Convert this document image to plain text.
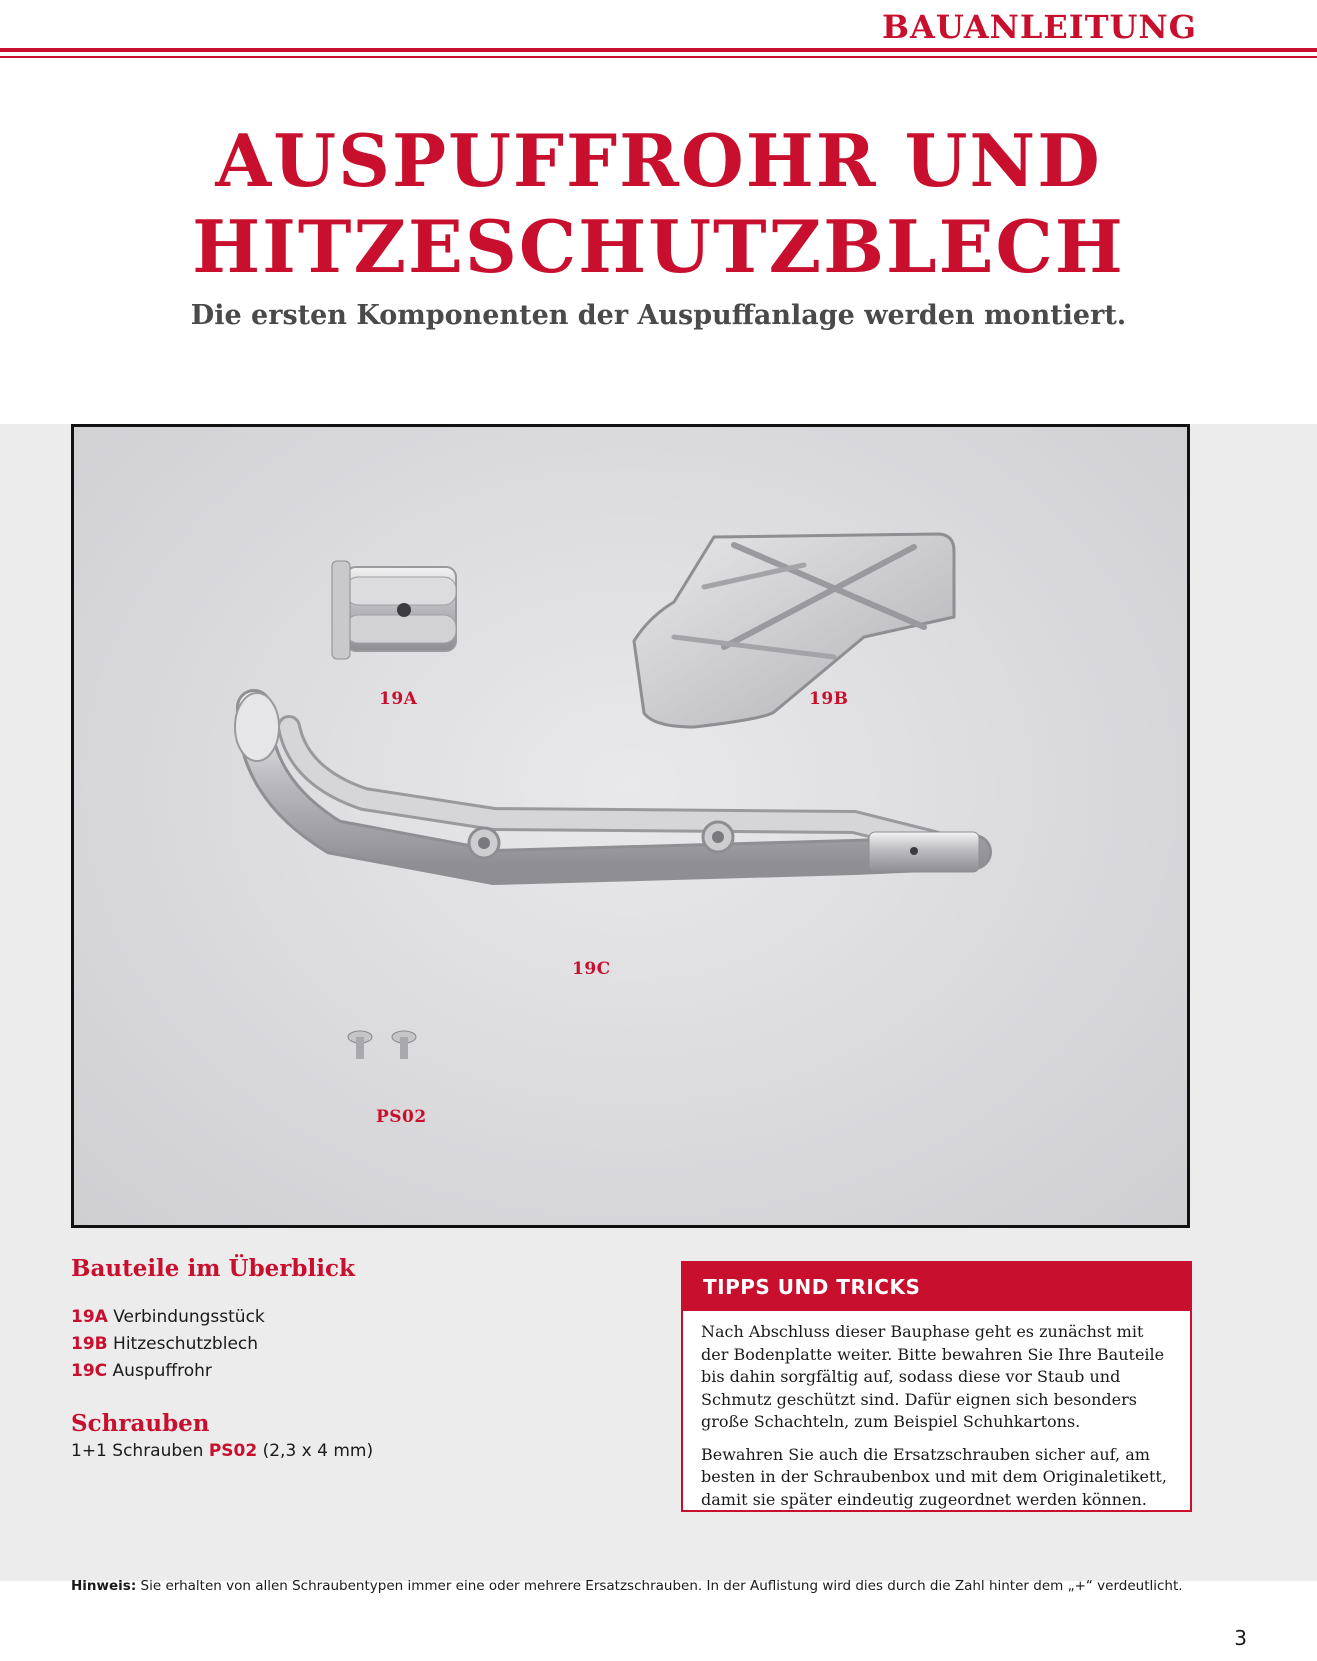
BAUANLEITUNG
AUSPUFFROHR UND
HITZESCHUTZBLECH
Die ersten Komponenten der Auspuffanlage werden montiert.
19A	19B
19C
PS02
Bauteile im Überblick
19A Verbindungsstück
19B Hitzeschutzblech
19C Auspuffrohr
Schrauben
1+1 Schrauben PS02 (2,3 x 4 mm)
TIPPS UND TRICKS

Nach Abschluss dieser Bauphase geht es zunächst mit der Bodenplatte weiter. Bitte bewahren Sie Ihre Bauteile bis dahin sorgfältig auf, sodass diese vor Staub und Schmutz geschützt sind. Dafür eignen sich besonders große Schachteln, zum Beispiel Schuhkartons.

Bewahren Sie auch die Ersatzschrauben sicher auf, am besten in der Schraubenbox und mit dem Originaletikett, damit sie später eindeutig zugeordnet werden können.

Hinweis: Sie erhalten von allen Schraubentypen immer eine oder mehrere Ersatzschrauben. In der Auflistung wird dies durch die Zahl hinter dem „+“ verdeutlicht.
3
